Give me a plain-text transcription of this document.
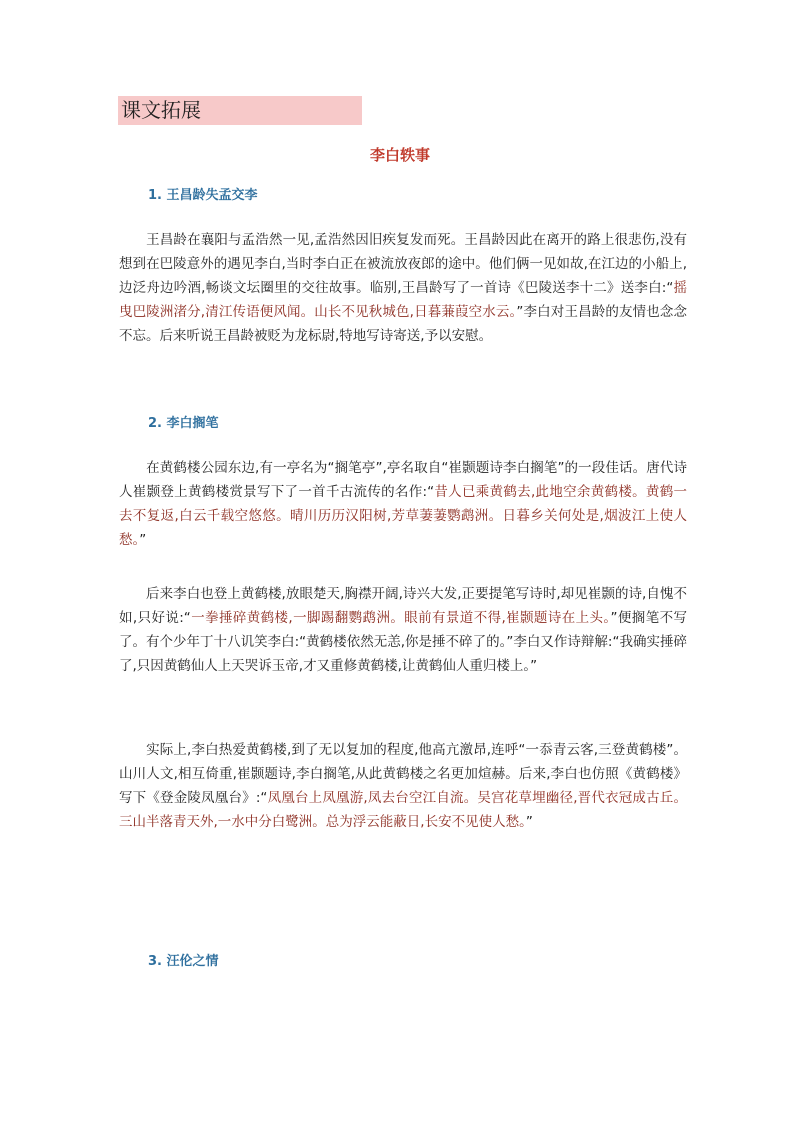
课文拓展
李白轶事
1. 王昌龄失孟交李
王昌龄在襄阳与孟浩然一见,孟浩然因旧疾复发而死。王昌龄因此在离开的路上很悲伤,没有想到在巴陵意外的遇见李白,当时李白正在被流放夜郎的途中。他们俩一见如故,在江边的小船上,边泛舟边吟酒,畅谈文坛圈里的交往故事。临别,王昌龄写了一首诗《巴陵送李十二》送李白:“摇曳巴陵洲渚分,清江传语便风闻。山长不见秋城色,日暮蒹葭空水云。”李白对王昌龄的友情也念念不忘。后来听说王昌龄被贬为龙标尉,特地写诗寄送,予以安慰。
2. 李白搁笔
在黄鹤楼公园东边,有一亭名为“搁笔亭”,亭名取自“崔颢题诗李白搁笔”的一段佳话。唐代诗人崔颢登上黄鹤楼赏景写下了一首千古流传的名作:“昔人已乘黄鹤去,此地空余黄鹤楼。黄鹤一去不复返,白云千载空悠悠。晴川历历汉阳树,芳草萋萋鹦鹉洲。日暮乡关何处是,烟波江上使人愁。”
后来李白也登上黄鹤楼,放眼楚天,胸襟开阔,诗兴大发,正要提笔写诗时,却见崔颢的诗,自愧不如,只好说:“一拳捶碎黄鹤楼,一脚踢翻鹦鹉洲。眼前有景道不得,崔颢题诗在上头。”便搁笔不写了。有个少年丁十八讥笑李白:“黄鹤楼依然无恙,你是捶不碎了的。”李白又作诗辩解:“我确实捶碎了,只因黄鹤仙人上天哭诉玉帝,才又重修黄鹤楼,让黄鹤仙人重归楼上。”
实际上,李白热爱黄鹤楼,到了无以复加的程度,他高亢激昂,连呼“一忝青云客,三登黄鹤楼”。山川人文,相互倚重,崔颢题诗,李白搁笔,从此黄鹤楼之名更加煊赫。后来,李白也仿照《黄鹤楼》写下《登金陵凤凰台》:“凤凰台上凤凰游,凤去台空江自流。吴宫花草埋幽径,晋代衣冠成古丘。三山半落青天外,一水中分白鹭洲。总为浮云能蔽日,长安不见使人愁。”
3. 汪伦之情
